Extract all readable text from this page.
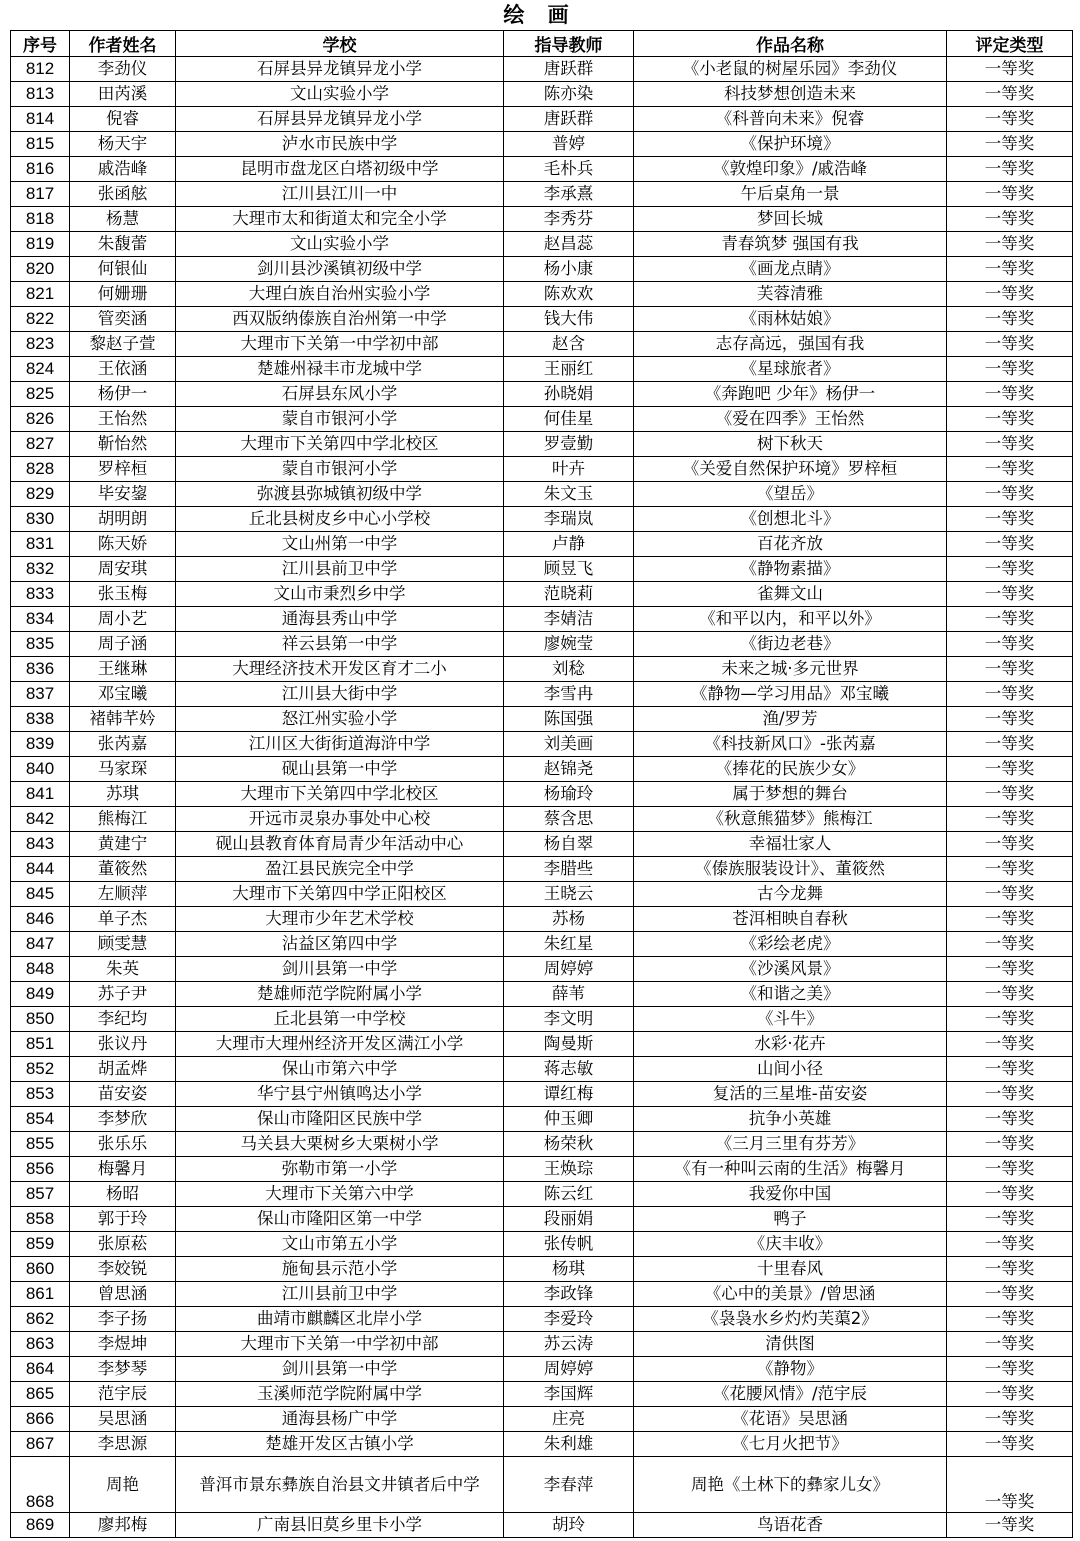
绘 画
序号	作者姓名	学校	指导教师	作品名称	评定类型
812	李劲仪	石屏县异龙镇异龙小学	唐跃群	《小老鼠的树屋乐园》李劲仪	一等奖
813	田芮溪	文山实验小学	陈亦染	科技梦想创造未来	一等奖
814	倪睿	石屏县异龙镇异龙小学	唐跃群	《科普向未来》倪睿	一等奖
815	杨天宇	泸水市民族中学	普婷	《保护环境》	一等奖
816	戚浩峰	昆明市盘龙区白塔初级中学	毛朴兵	《敦煌印象》/戚浩峰	一等奖
817	张函舷	江川县江川一中	李承熹	午后桌角一景	一等奖
818	杨慧	大理市太和街道太和完全小学	李秀芬	梦回长城	一等奖
819	朱馥蕾	文山实验小学	赵昌蕊	青春筑梦 强国有我	一等奖
820	何银仙	剑川县沙溪镇初级中学	杨小康	《画龙点睛》	一等奖
821	何姗珊	大理白族自治州实验小学	陈欢欢	芙蓉清雅	一等奖
822	管奕涵	西双版纳傣族自治州第一中学	钱大伟	《雨林姑娘》	一等奖
823	黎赵子萱	大理市下关第一中学初中部	赵含	志存高远，强国有我	一等奖
824	王依涵	楚雄州禄丰市龙城中学	王丽红	《星球旅者》	一等奖
825	杨伊一	石屏县东风小学	孙晓娟	《奔跑吧 少年》杨伊一	一等奖
826	王怡然	蒙自市银河小学	何佳星	《爱在四季》王怡然	一等奖
827	靳怡然	大理市下关第四中学北校区	罗壹勤	树下秋天	一等奖
828	罗梓桓	蒙自市银河小学	叶卉	《关爱自然保护环境》罗梓桓	一等奖
829	毕安鋆	弥渡县弥城镇初级中学	朱文玉	《望岳》	一等奖
830	胡明朗	丘北县树皮乡中心小学校	李瑞岚	《创想北斗》	一等奖
831	陈天娇	文山州第一中学	卢静	百花齐放	一等奖
832	周安琪	江川县前卫中学	顾昱飞	《静物素描》	一等奖
833	张玉梅	文山市秉烈乡中学	范晓莉	雀舞文山	一等奖
834	周小艺	通海县秀山中学	李婧洁	《和平以内，和平以外》	一等奖
835	周子涵	祥云县第一中学	廖婉莹	《街边老巷》	一等奖
836	王继琳	大理经济技术开发区育才二小	刘稔	未来之城·多元世界	一等奖
837	邓宝曦	江川县大街中学	李雪冉	《静物—学习用品》邓宝曦	一等奖
838	褚韩芊妗	怒江州实验小学	陈国强	渔/罗芳	一等奖
839	张芮嘉	江川区大街街道海浒中学	刘美画	《科技新风口》-张芮嘉	一等奖
840	马家琛	砚山县第一中学	赵锦尧	《捧花的民族少女》	一等奖
841	苏琪	大理市下关第四中学北校区	杨瑜玲	属于梦想的舞台	一等奖
842	熊梅江	开远市灵泉办事处中心校	蔡含思	《秋意熊猫梦》熊梅江	一等奖
843	黄建宁	砚山县教育体育局青少年活动中心	杨自翠	幸福壮家人	一等奖
844	董筱然	盈江县民族完全中学	李腊些	《傣族服装设计》、董筱然	一等奖
845	左顺萍	大理市下关第四中学正阳校区	王晓云	古今龙舞	一等奖
846	单子杰	大理市少年艺术学校	苏杨	苍洱相映自春秋	一等奖
847	顾雯慧	沾益区第四中学	朱红星	《彩绘老虎》	一等奖
848	朱英	剑川县第一中学	周婷婷	《沙溪风景》	一等奖
849	苏子尹	楚雄师范学院附属小学	薛苇	《和谐之美》	一等奖
850	李纪均	丘北县第一中学校	李文明	《斗牛》	一等奖
851	张议丹	大理市大理州经济开发区满江小学	陶曼斯	水彩·花卉	一等奖
852	胡孟烨	保山市第六中学	蒋志敏	山间小径	一等奖
853	苗安姿	华宁县宁州镇鸣达小学	谭红梅	复活的三星堆-苗安姿	一等奖
854	李梦欣	保山市隆阳区民族中学	仲玉卿	抗争小英雄	一等奖
855	张乐乐	马关县大栗树乡大栗树小学	杨荣秋	《三月三里有芬芳》	一等奖
856	梅馨月	弥勒市第一小学	王焕琮	《有一种叫云南的生活》梅馨月	一等奖
857	杨昭	大理市下关第六中学	陈云红	我爱你中国	一等奖
858	郭于玲	保山市隆阳区第一中学	段丽娟	鸭子	一等奖
859	张原菘	文山市第五小学	张传帆	《庆丰收》	一等奖
860	李姣锐	施甸县示范小学	杨琪	十里春风	一等奖
861	曾思涵	江川县前卫中学	李政锋	《心中的美景》/曾思涵	一等奖
862	李子扬	曲靖市麒麟区北岸小学	李爱玲	《袅袅水乡灼灼芙蕖2》	一等奖
863	李煜坤	大理市下关第一中学初中部	苏云涛	清供图	一等奖
864	李梦琴	剑川县第一中学	周婷婷	《静物》	一等奖
865	范宇辰	玉溪师范学院附属中学	李国辉	《花腰风情》/范宇辰	一等奖
866	吴思涵	通海县杨广中学	庄亮	《花语》吴思涵	一等奖
867	李思源	楚雄开发区古镇小学	朱利雄	《七月火把节》	一等奖
868	周艳	普洱市景东彝族自治县文井镇者后中学	李春萍	周艳《土林下的彝家儿女》	一等奖
869	廖邦梅	广南县旧莫乡里卡小学	胡玲	鸟语花香	一等奖
